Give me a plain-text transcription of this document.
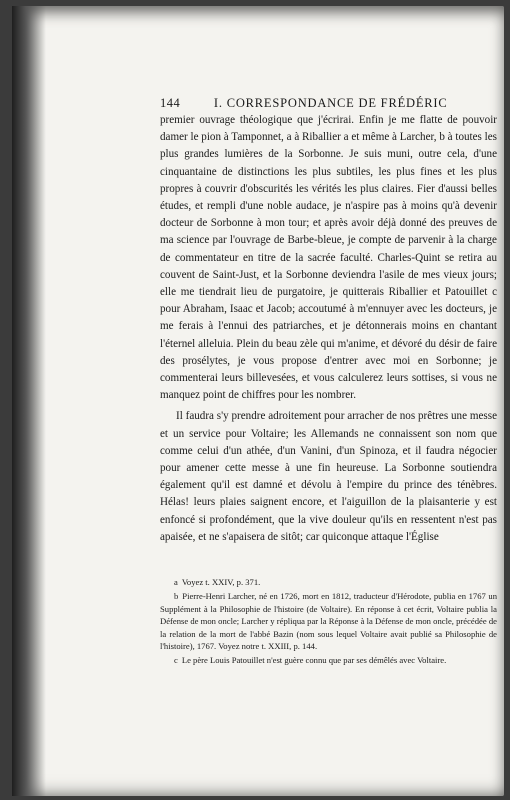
144	I. CORRESPONDANCE DE FRÉDÉRIC

premier ouvrage théologique que j'écrirai. Enfin je me flatte de pouvoir damer le pion à Tamponnet, a à Riballier a et même à Larcher, b à toutes les plus grandes lumières de la Sorbonne. Je suis muni, outre cela, d'une cinquantaine de distinctions les plus subtiles, les plus fines et les plus propres à couvrir d'obscurités les vérités les plus claires. Fier d'aussi belles études, et rempli d'une noble audace, je n'aspire pas à moins qu'à devenir docteur de Sorbonne à mon tour; et après avoir déjà donné des preuves de ma science par l'ouvrage de Barbe-bleue, je compte de parvenir à la charge de commentateur en titre de la sacrée faculté. Charles-Quint se retira au couvent de Saint-Just, et la Sorbonne deviendra l'asile de mes vieux jours; elle me tiendrait lieu de purgatoire, je quitterais Riballier et Patouillet c pour Abraham, Isaac et Jacob; accoutumé à m'ennuyer avec les docteurs, je me ferais à l'ennui des patriarches, et je détonnerais moins en chantant l'éternel alleluia. Plein du beau zèle qui m'anime, et dévoré du désir de faire des prosélytes, je vous propose d'entrer avec moi en Sorbonne; je commenterai leurs billevesées, et vous calculerez leurs sottises, si vous ne manquez point de chiffres pour les nombrer.

Il faudra s'y prendre adroitement pour arracher de nos prêtres une messe et un service pour Voltaire; les Allemands ne connaissent son nom que comme celui d'un athée, d'un Vanini, d'un Spinoza, et il faudra négocier pour amener cette messe à une fin heureuse. La Sorbonne soutiendra également qu'il est damné et dévolu à l'empire du prince des ténèbres. Hélas! leurs plaies saignent encore, et l'aiguillon de la plaisanterie y est enfoncé si profondément, que la vive douleur qu'ils en ressentent n'est pas apaisée, et ne s'apaisera de sitôt; car quiconque attaque l'Église

a Voyez t. XXIV, p. 371.

b Pierre-Henri Larcher, né en 1726, mort en 1812, traducteur d'Hérodote, publia en 1767 un Supplément à la Philosophie de l'histoire (de Voltaire). En réponse à cet écrit, Voltaire publia la Défense de mon oncle; Larcher y répliqua par la Réponse à la Défense de mon oncle, précédée de la relation de la mort de l'abbé Bazin (nom sous lequel Voltaire avait publié sa Philosophie de l'histoire), 1767. Voyez notre t. XXIII, p. 144.

c Le père Louis Patouillet n'est guère connu que par ses démêlés avec Voltaire.
